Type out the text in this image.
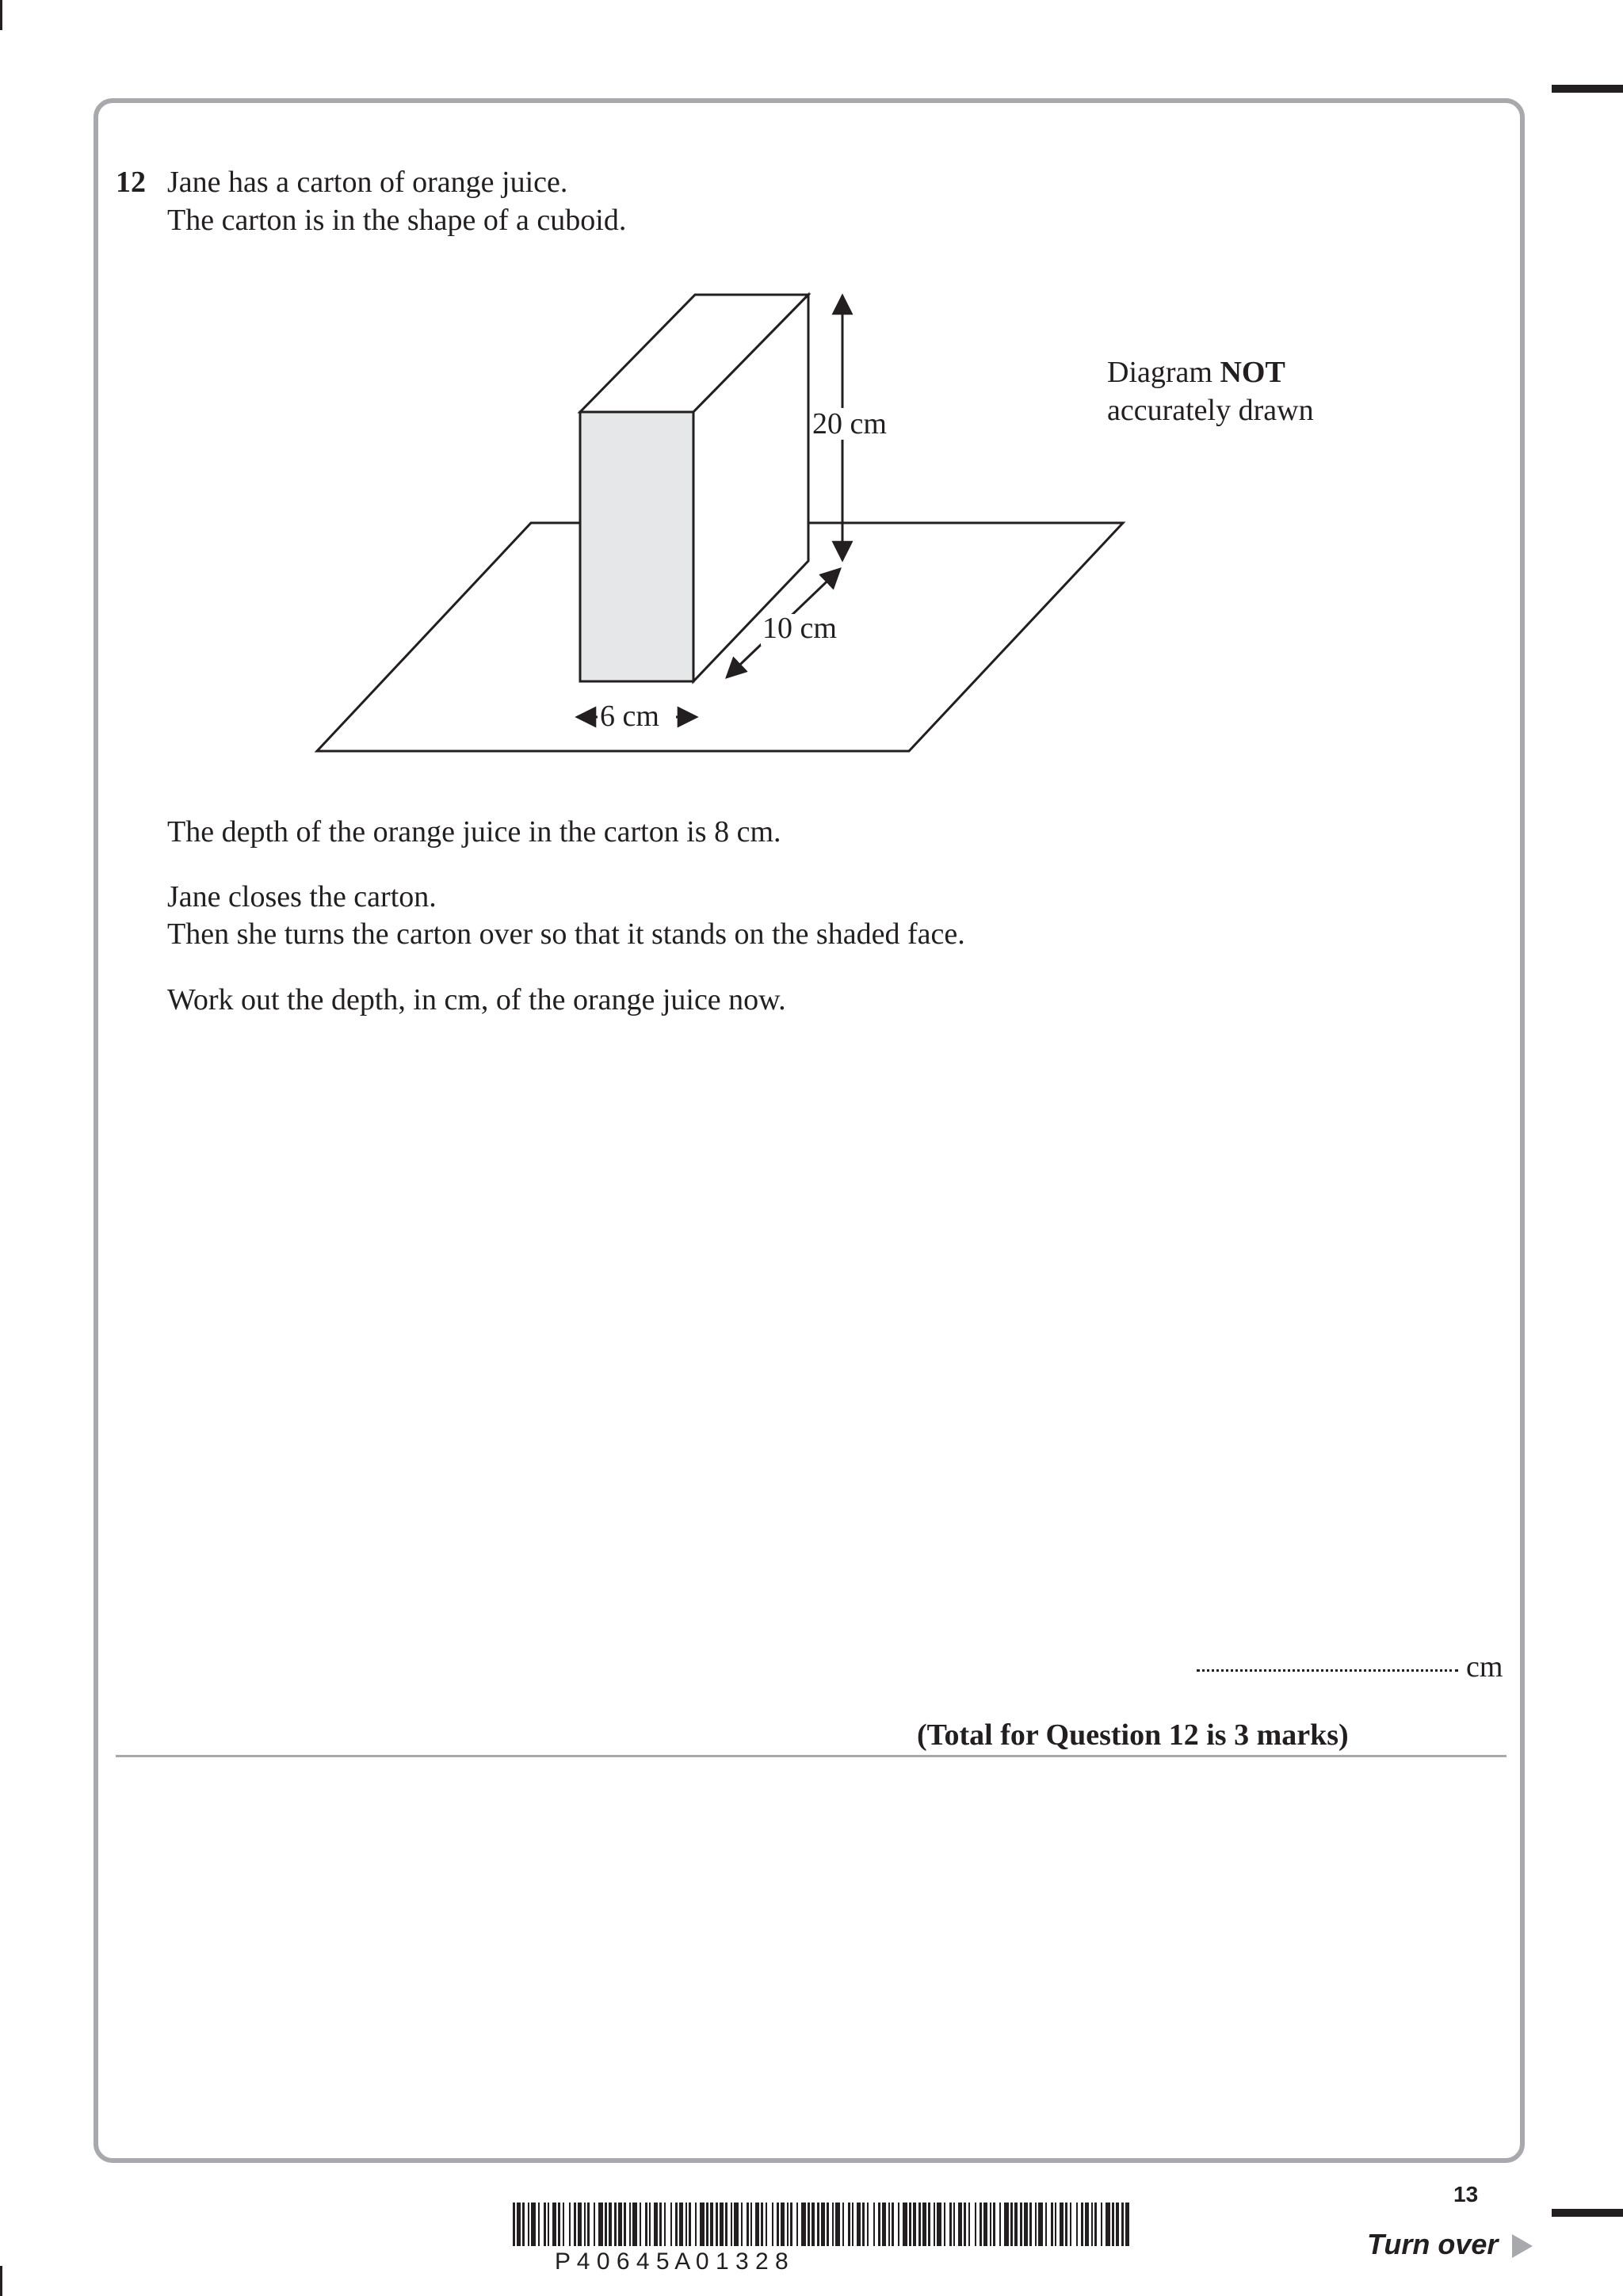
12 Jane has a carton of orange juice.
The carton is in the shape of a cuboid.
20 cm
10 cm
6 cm
Diagram NOT
accurately drawn
The depth of the orange juice in the carton is 8 cm.
Jane closes the carton.
Then she turns the carton over so that it stands on the shaded face.
Work out the depth, in cm, of the orange juice now.
cm
(Total for Question 12 is 3 marks)
13
Turn over
P 4 0 6 4 5 A 0 1 3 2 8
